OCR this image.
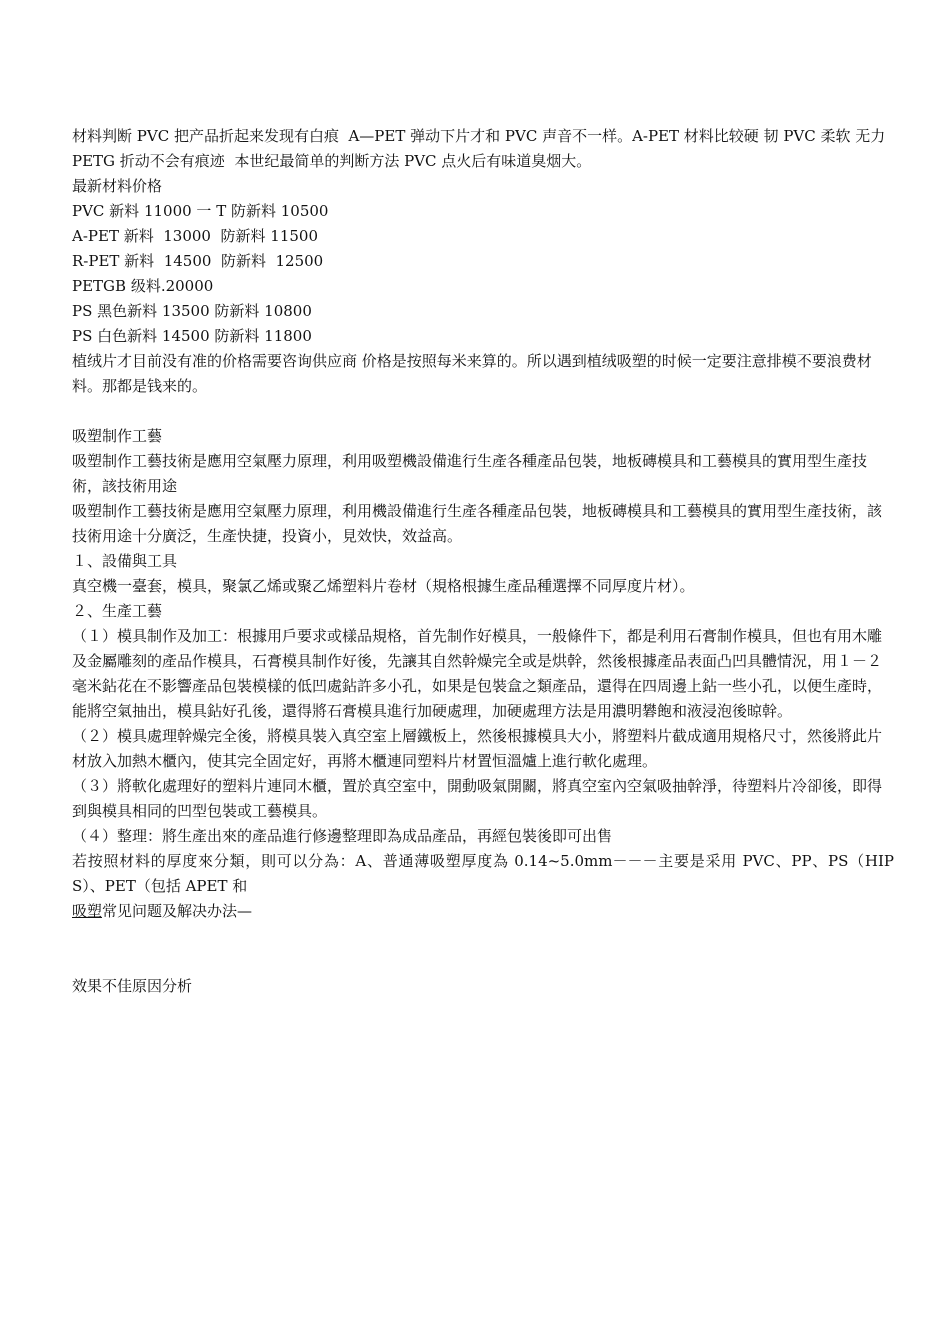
材料判断 PVC 把产品折起来发现有白痕  A—PET 弹动下片才和 PVC 声音不一样。A-PET 材料比较硬 韧 PVC 柔软 无力 PETG 折动不会有痕迹  本世纪最简单的判断方法 PVC 点火后有味道臭烟大。

最新材料价格

PVC 新料 11000 一 T 防新料 10500

A-PET 新料  13000  防新料 11500

R-PET 新料  14500  防新料  12500

PETGB 级料.20000

PS 黑色新料 13500 防新料 10800

PS 白色新料 14500 防新料 11800

植绒片才目前没有准的价格需要咨询供应商 价格是按照每米来算的。所以遇到植绒吸塑的时候一定要注意排模不要浪费材料。那都是钱来的。

吸塑制作工藝

吸塑制作工藝技術是應用空氣壓力原理，利用吸塑機設備進行生產各種產品包裝，地板磚模具和工藝模具的實用型生產技術，該技術用途

吸塑制作工藝技術是應用空氣壓力原理，利用機設備進行生產各種產品包裝，地板磚模具和工藝模具的實用型生產技術，該技術用途十分廣泛，生產快捷，投資小，見效快，效益高。

１、設備與工具

真空機一臺套，模具，聚氯乙烯或聚乙烯塑料片卷材（規格根據生產品種選擇不同厚度片材）。

２、生產工藝

（１）模具制作及加工：根據用戶要求或樣品規格，首先制作好模具，一般條件下，都是利用石膏制作模具，但也有用木雕及金屬雕刻的產品作模具，石膏模具制作好後，先讓其自然幹燥完全或是烘幹，然後根據產品表面凸凹具體情況，用１－２毫米鉆花在不影響產品包裝模樣的低凹處鉆許多小孔，如果是包裝盒之類產品，還得在四周邊上鉆一些小孔，以便生產時，能將空氣抽出，模具鉆好孔後，還得將石膏模具進行加硬處理，加硬處理方法是用濃明礬飽和液浸泡後晾幹。

（２）模具處理幹燥完全後，將模具裝入真空室上層鐵板上，然後根據模具大小，將塑料片截成適用規格尺寸，然後將此片材放入加熱木櫃內，使其完全固定好，再將木櫃連同塑料片材置恒溫爐上進行軟化處理。

（３）將軟化處理好的塑料片連同木櫃，置於真空室中，開動吸氣開關，將真空室內空氣吸抽幹淨，待塑料片冷卻後，即得到與模具相同的凹型包裝或工藝模具。

（４）整理：將生產出來的產品進行修邊整理即為成品產品，再經包裝後即可出售

若按照材料的厚度來分類，則可以分為：A、普通薄吸塑厚度為 0.14~5.0mm－－－主要是采用 PVC、PP、PS（HIPS）、PET（包括 APET 和

吸塑常见问题及解决办法—

效果不佳原因分析
